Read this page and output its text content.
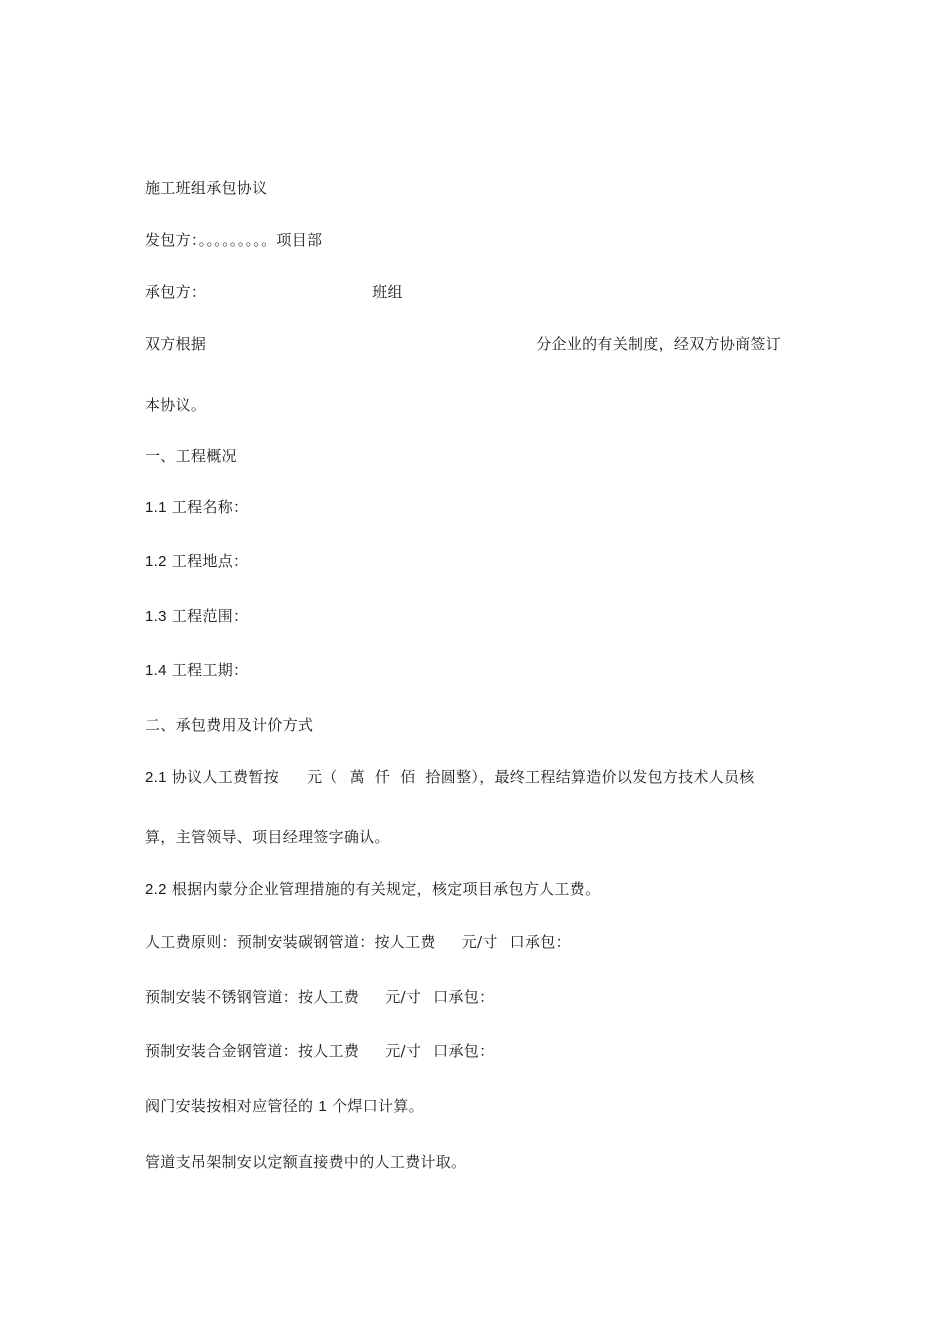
施工班组承包协议
发包方：。。。。。。。。。项目部
承包方：	班组
双方根据	分企业的有关制度，经双方协商签订
本协议。
一、工程概况
1.1 工程名称：
1.2 工程地点：
1.3 工程范围：
1.4 工程工期：
二、承包费用及计价方式
2.1 协议人工费暂按 元（ 萬 仟 佰 拾圆整），最终工程结算造价以发包方技术人员核
算，主管领导、项目经理签字确认。
2.2 根据内蒙分企业管理措施的有关规定，核定项目承包方人工费。
人工费原则：预制安装碳钢管道：按人工费 元/寸 口承包：
预制安装不锈钢管道：按人工费 元/寸 口承包：
预制安装合金钢管道：按人工费 元/寸 口承包：
阀门安装按相对应管径的 1 个焊口计算。
管道支吊架制安以定额直接费中的人工费计取。
